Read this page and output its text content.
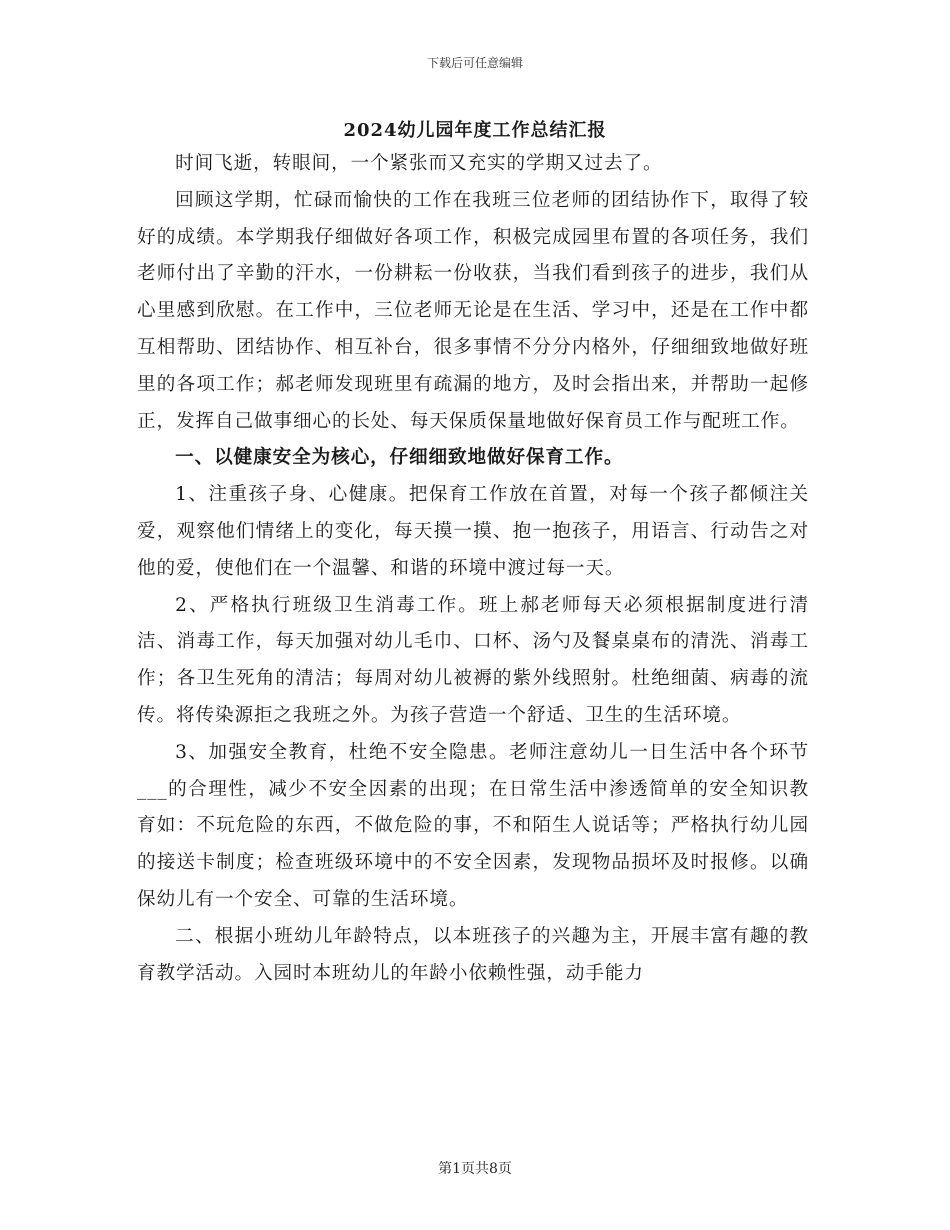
下载后可任意编辑
2024幼儿园年度工作总结汇报

时间飞逝，转眼间，一个紧张而又充实的学期又过去了。

回顾这学期，忙碌而愉快的工作在我班三位老师的团结协作下，取得了较好的成绩。本学期我仔细做好各项工作，积极完成园里布置的各项任务，我们老师付出了辛勤的汗水，一份耕耘一份收获，当我们看到孩子的进步，我们从心里感到欣慰。在工作中，三位老师无论是在生活、学习中，还是在工作中都互相帮助、团结协作、相互补台，很多事情不分分内格外，仔细细致地做好班里的各项工作；郝老师发现班里有疏漏的地方，及时会指出来，并帮助一起修正，发挥自己做事细心的长处、每天保质保量地做好保育员工作与配班工作。

一、以健康安全为核心，仔细细致地做好保育工作。

1、注重孩子身、心健康。把保育工作放在首置，对每一个孩子都倾注关爱，观察他们情绪上的变化，每天摸一摸、抱一抱孩子，用语言、行动告之对他的爱，使他们在一个温馨、和谐的环境中渡过每一天。

2、严格执行班级卫生消毒工作。班上郝老师每天必须根据制度进行清洁、消毒工作，每天加强对幼儿毛巾、口杯、汤勺及餐桌桌布的清洗、消毒工作；各卫生死角的清洁；每周对幼儿被褥的紫外线照射。杜绝细菌、病毒的流传。将传染源拒之我班之外。为孩子营造一个舒适、卫生的生活环境。

3、加强安全教育，杜绝不安全隐患。老师注意幼儿一日生活中各个环节___的合理性，减少不安全因素的出现；在日常生活中渗透简单的安全知识教育如：不玩危险的东西，不做危险的事，不和陌生人说话等；严格执行幼儿园的接送卡制度；检查班级环境中的不安全因素，发现物品损坏及时报修。以确保幼儿有一个安全、可靠的生活环境。

二、根据小班幼儿年龄特点，以本班孩子的兴趣为主，开展丰富有趣的教育教学活动。入园时本班幼儿的年龄小依赖性强，动手能力

第1页共8页
